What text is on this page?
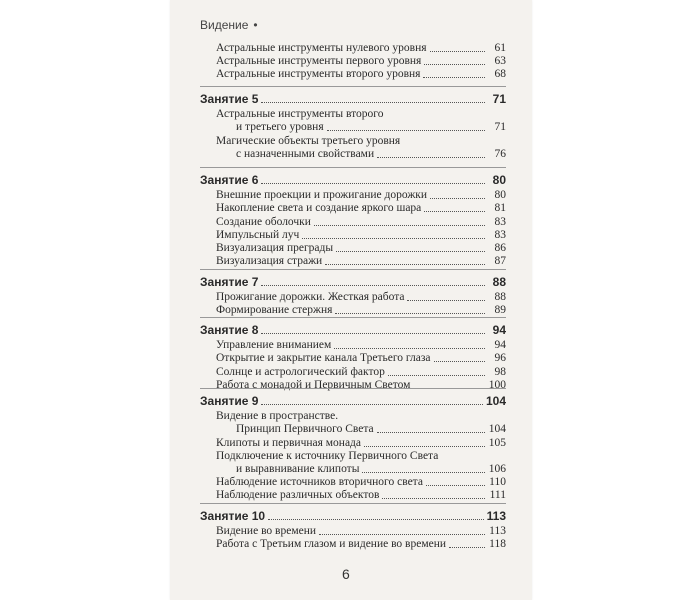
Видение •
Астральные инструменты нулевого уровня	61
Астральные инструменты первого уровня	63
Астральные инструменты второго уровня	68
Занятие 5	71
Астральные инструменты второго
и третьего уровня	71
Магические объекты третьего уровня
с назначенными свойствами	76
Занятие 6	80
Внешние проекции и прожигание дорожки	80
Накопление света и создание яркого шара	81
Создание оболочки	83
Импульсный луч	83
Визуализация преграды	86
Визуализация стражи	87
Занятие 7	88
Прожигание дорожки. Жесткая работа	88
Формирование стержня	89
Занятие 8	94
Управление вниманием	94
Открытие и закрытие канала Третьего глаза	96
Солнце и астрологический фактор	98
Работа с монадой и Первичным Светом	100
Занятие 9	104
Видение в пространстве.
Принцип Первичного Света	104
Клипоты и первичная монада	105
Подключение к источнику Первичного Света
и выравнивание клипоты	106
Наблюдение источников вторичного света	110
Наблюдение различных объектов	111
Занятие 10	113
Видение во времени	113
Работа с Третьим глазом и видение во времени	118
6
